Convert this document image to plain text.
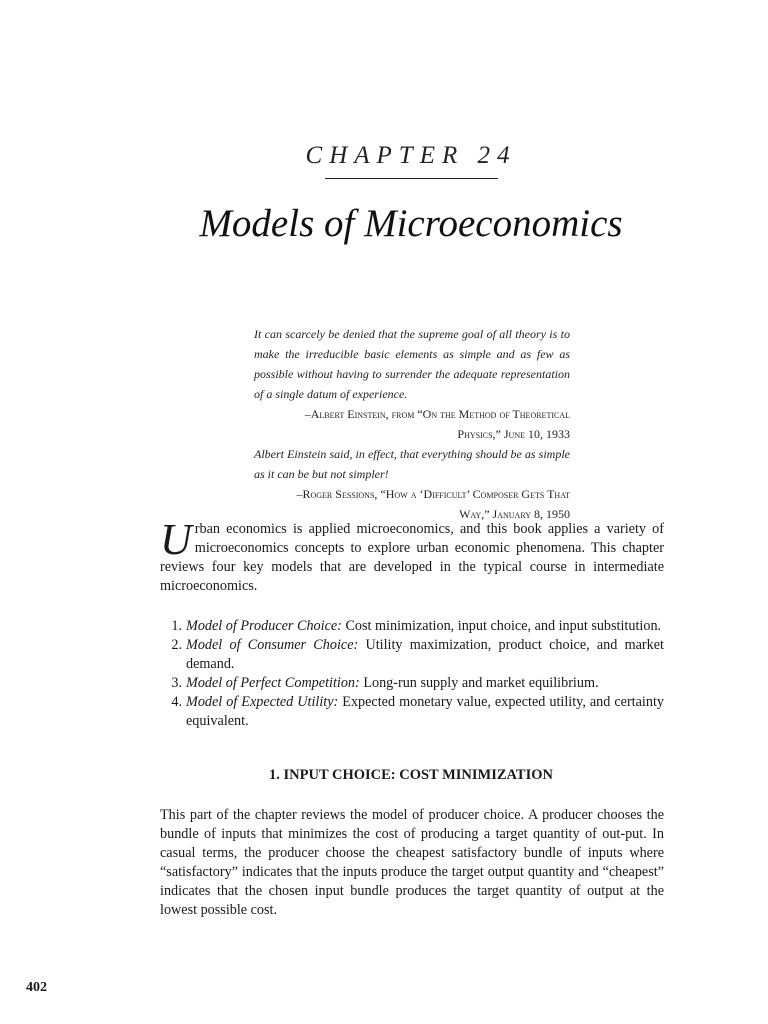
CHAPTER 24
Models of Microeconomics
It can scarcely be denied that the supreme goal of all theory is to make the irreducible basic elements as simple and as few as possible without having to surrender the adequate representation of a single datum of experience.
–Albert Einstein, from “On the Method of Theoretical
Physics,” June 10, 1933
Albert Einstein said, in effect, that everything should be as simple as it can be but not simpler!
–Roger Sessions, “How a ‘Difficult’ Composer Gets That
Way,” January 8, 1950
Urban economics is applied microeconomics, and this book applies a variety of microeconomics concepts to explore urban economic phenomena. This chapter reviews four key models that are developed in the typical course in intermediate microeconomics.
1. Model of Producer Choice: Cost minimization, input choice, and input substitution.
2. Model of Consumer Choice: Utility maximization, product choice, and market demand.
3. Model of Perfect Competition: Long-run supply and market equilibrium.
4. Model of Expected Utility: Expected monetary value, expected utility, and certainty equivalent.
1. INPUT CHOICE: COST MINIMIZATION
This part of the chapter reviews the model of producer choice. A producer chooses the bundle of inputs that minimizes the cost of producing a target quantity of out-put. In casual terms, the producer choose the cheapest satisfactory bundle of inputs where “satisfactory” indicates that the inputs produce the target output quantity and “cheapest” indicates that the chosen input bundle produces the target quantity of output at the lowest possible cost.
402
